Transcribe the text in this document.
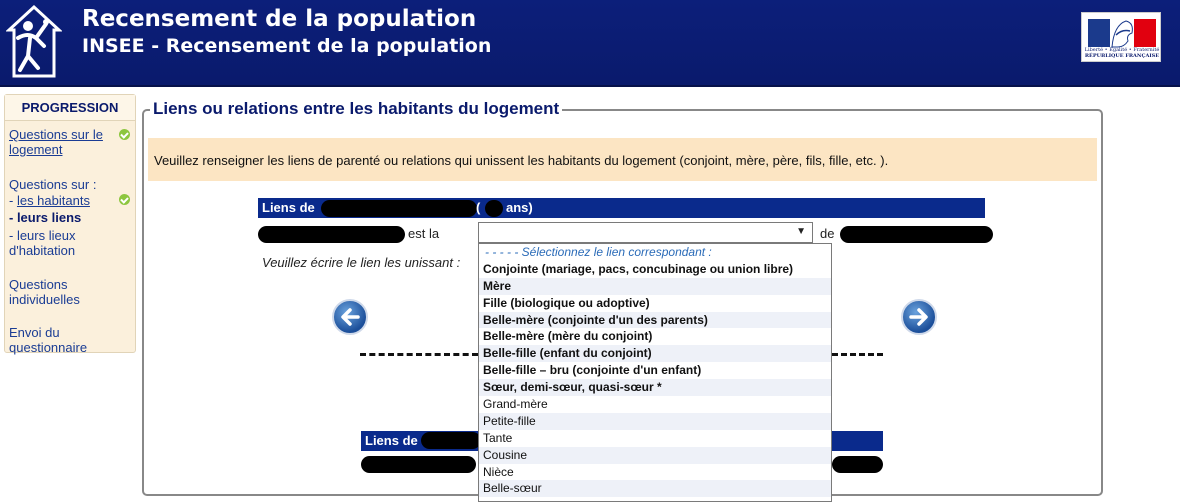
Recensement de la population
INSEE - Recensement de la population	Liberté • Égalité • Fraternité
RÉPUBLIQUE FRANÇAISE
PROGRESSION
Questions sur le logement
Questions sur :
- les habitants
- leurs liens
- leurs lieux d'habitation
Questions individuelles
Envoi du questionnaire
Liens ou relations entre les habitants du logement
Veuillez renseigner les liens de parenté ou relations qui unissent les habitants du logement (conjoint, mère, père, fils, fille, etc. ).
Liens de	( ans)
est la	▼ de
Veuillez écrire le lien les unissant :
Liens de
- - - - - Sélectionnez le lien correspondant :
Conjointe (mariage, pacs, concubinage ou union libre)
Mère
Fille (biologique ou adoptive)
Belle-mère (conjointe d'un des parents)
Belle-mère (mère du conjoint)
Belle-fille (enfant du conjoint)
Belle-fille – bru (conjointe d'un enfant)
Sœur, demi-sœur, quasi-sœur *
Grand-mère
Petite-fille
Tante
Cousine
Nièce
Belle-sœur
